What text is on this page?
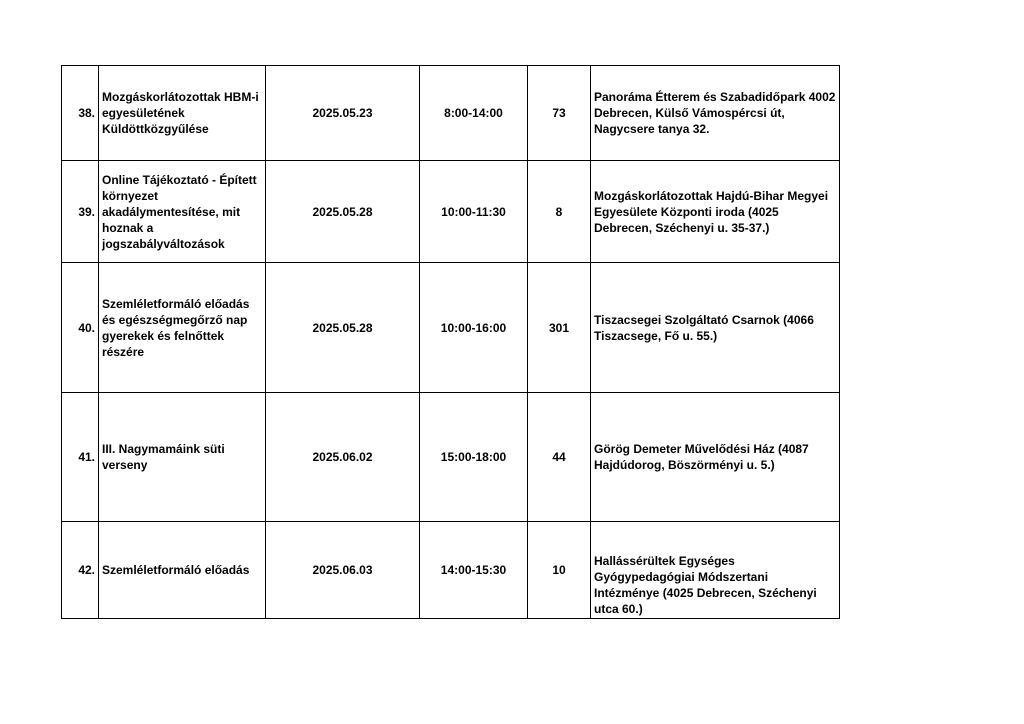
38.	Mozgáskorlátozottak HBM-i egyesületének Küldöttközgyűlése	2025.05.23	8:00-14:00	73	Panoráma Étterem és Szabadidőpark 4002 Debrecen, Külső Vámospércsi út, Nagycsere tanya 32.
39.	Online Tájékoztató - Épített környezet akadálymentesítése, mit hoznak a jogszabályváltozások	2025.05.28	10:00-11:30	8	Mozgáskorlátozottak Hajdú-Bihar Megyei Egyesülete Központi iroda (4025 Debrecen, Széchenyi u. 35-37.)
40.	Szemléletformáló előadás és egészségmegőrző nap gyerekek és felnőttek részére	2025.05.28	10:00-16:00	301	Tiszacsegei Szolgáltató Csarnok (4066 Tiszacsege, Fő u. 55.)
41.	III. Nagymamáink süti verseny	2025.06.02	15:00-18:00	44	Görög Demeter Művelődési Ház (4087 Hajdúdorog, Böszörményi u. 5.)
42.	Szemléletformáló előadás	2025.06.03	14:00-15:30	10	Hallássérültek Egységes Gyógypedagógiai Módszertani Intézménye (4025 Debrecen, Széchenyi utca 60.)
